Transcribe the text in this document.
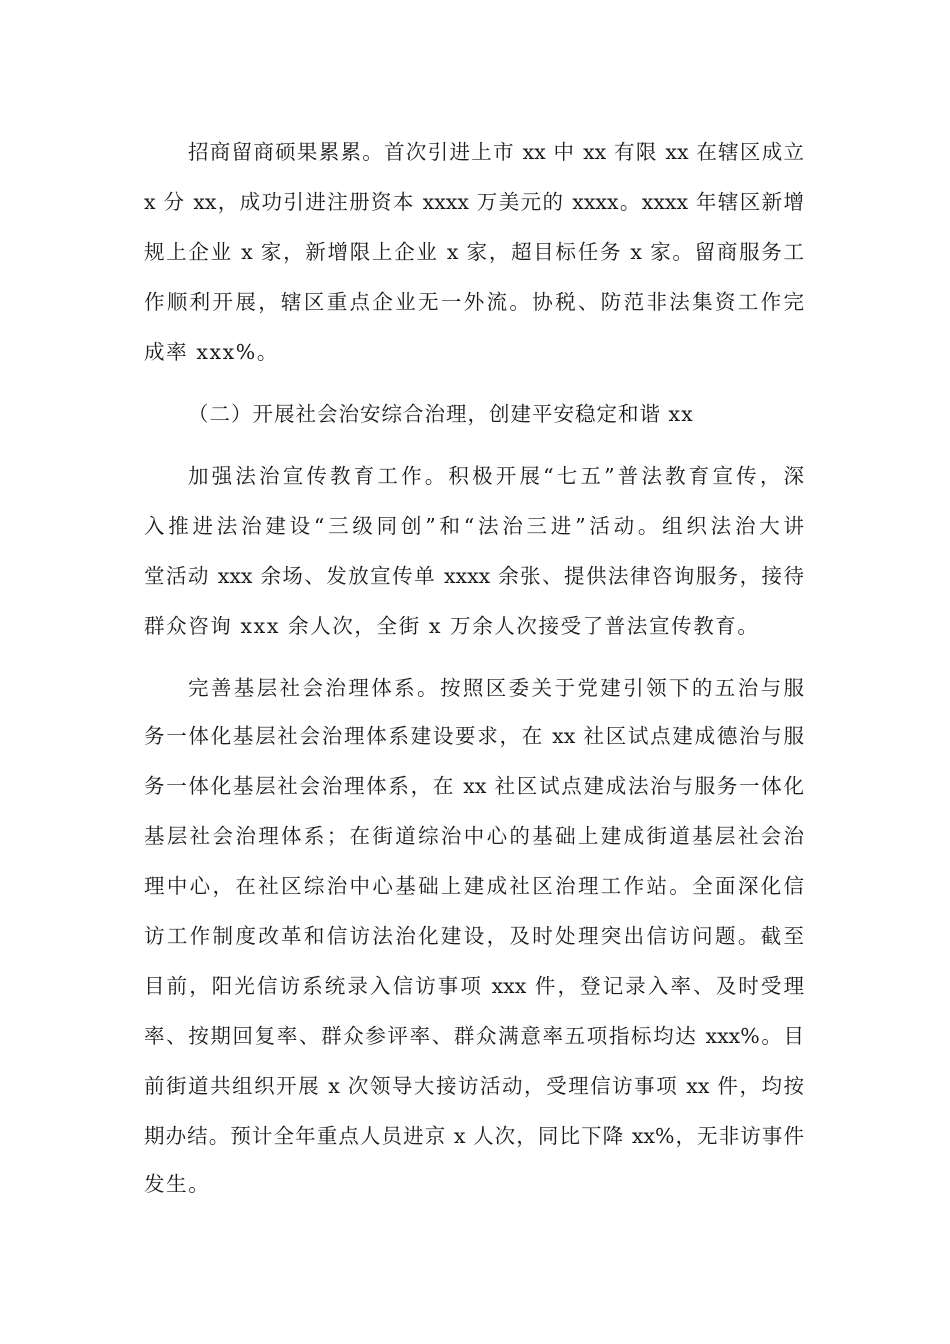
招商留商硕果累累。首次引进上市 xx 中 xx 有限 xx 在辖区成立
x 分 xx，成功引进注册资本 xxxx 万美元的 xxxx。xxxx 年辖区新增
规上企业 x 家，新增限上企业 x 家，超目标任务 x 家。留商服务工
作顺利开展，辖区重点企业无一外流。协税、防范非法集资工作完
成率 xxx%。
（二）开展社会治安综合治理，创建平安稳定和谐 xx
加强法治宣传教育工作。积极开展“七五”普法教育宣传，深
入推进法治建设“三级同创”和“法治三进”活动。组织法治大讲
堂活动 xxx 余场、发放宣传单 xxxx 余张、提供法律咨询服务，接待
群众咨询 xxx 余人次，全街 x 万余人次接受了普法宣传教育。
完善基层社会治理体系。按照区委关于党建引领下的五治与服
务一体化基层社会治理体系建设要求，在 xx 社区试点建成德治与服
务一体化基层社会治理体系，在 xx 社区试点建成法治与服务一体化
基层社会治理体系；在街道综治中心的基础上建成街道基层社会治
理中心，在社区综治中心基础上建成社区治理工作站。全面深化信
访工作制度改革和信访法治化建设，及时处理突出信访问题。截至
目前，阳光信访系统录入信访事项 xxx 件，登记录入率、及时受理
率、按期回复率、群众参评率、群众满意率五项指标均达 xxx%。目
前街道共组织开展 x 次领导大接访活动，受理信访事项 xx 件，均按
期办结。预计全年重点人员进京 x 人次，同比下降 xx%，无非访事件
发生。
